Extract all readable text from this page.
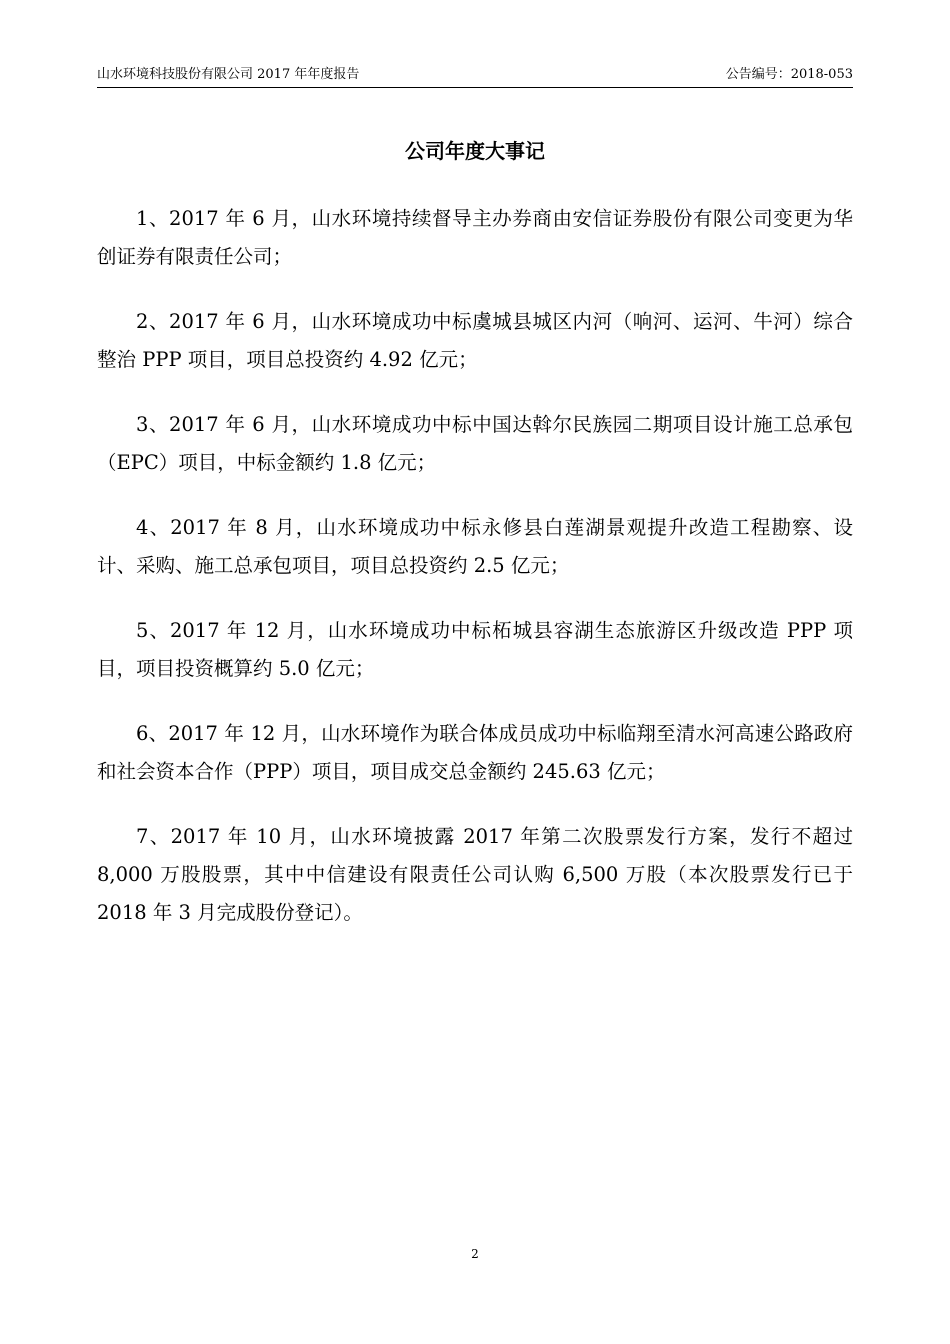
山水环境科技股份有限公司 2017 年年度报告	公告编号：2018-053
公司年度大事记

1、2017 年 6 月，山水环境持续督导主办券商由安信证券股份有限公司变更为华创证券有限责任公司；

2、2017 年 6 月，山水环境成功中标虞城县城区内河（响河、运河、牛河）综合整治 PPP 项目，项目总投资约 4.92 亿元；

3、2017 年 6 月，山水环境成功中标中国达斡尔民族园二期项目设计施工总承包（EPC）项目，中标金额约 1.8 亿元；

4、2017 年 8 月，山水环境成功中标永修县白莲湖景观提升改造工程勘察、设计、采购、施工总承包项目，项目总投资约 2.5 亿元；

5、2017 年 12 月，山水环境成功中标柘城县容湖生态旅游区升级改造 PPP 项目，项目投资概算约 5.0 亿元；

6、2017 年 12 月，山水环境作为联合体成员成功中标临翔至清水河高速公路政府和社会资本合作（PPP）项目，项目成交总金额约 245.63 亿元；

7、2017 年 10 月，山水环境披露 2017 年第二次股票发行方案，发行不超过 8,000 万股股票，其中中信建设有限责任公司认购 6,500 万股（本次股票发行已于 2018 年 3 月完成股份登记）。

2
